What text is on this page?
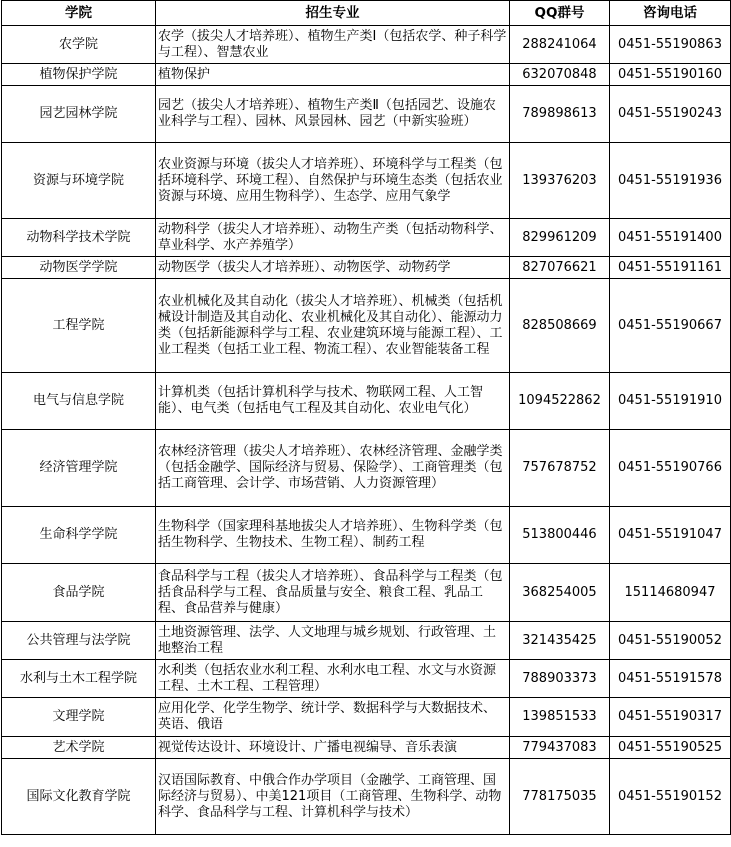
学院	招生专业	QQ群号	咨询电话
农学院	农学（拔尖人才培养班）、植物生产类Ⅰ（包括农学、种子科学与工程）、智慧农业	288241064	0451-55190863
植物保护学院	植物保护	632070848	0451-55190160
园艺园林学院	园艺（拔尖人才培养班）、植物生产类Ⅱ（包括园艺、设施农业科学与工程）、园林、风景园林、园艺（中新实验班）	789898613	0451-55190243
资源与环境学院	农业资源与环境（拔尖人才培养班）、环境科学与工程类（包括环境科学、环境工程）、自然保护与环境生态类（包括农业资源与环境、应用生物科学）、生态学、应用气象学	139376203	0451-55191936
动物科学技术学院	动物科学（拔尖人才培养班）、动物生产类（包括动物科学、草业科学、水产养殖学）	829961209	0451-55191400
动物医学学院	动物医学（拔尖人才培养班）、动物医学、动物药学	827076621	0451-55191161
工程学院	农业机械化及其自动化（拔尖人才培养班）、机械类（包括机械设计制造及其自动化、农业机械化及其自动化）、能源动力类（包括新能源科学与工程、农业建筑环境与能源工程）、工业工程类（包括工业工程、物流工程）、农业智能装备工程	828508669	0451-55190667
电气与信息学院	计算机类（包括计算机科学与技术、物联网工程、人工智能）、电气类（包括电气工程及其自动化、农业电气化）	1094522862	0451-55191910
经济管理学院	农林经济管理（拔尖人才培养班）、农林经济管理、金融学类（包括金融学、国际经济与贸易、保险学）、工商管理类（包括工商管理、会计学、市场营销、人力资源管理）	757678752	0451-55190766
生命科学学院	生物科学（国家理科基地拔尖人才培养班）、生物科学类（包括生物科学、生物技术、生物工程）、制药工程	513800446	0451-55191047
食品学院	食品科学与工程（拔尖人才培养班）、食品科学与工程类（包括食品科学与工程、食品质量与安全、粮食工程、乳品工程、食品营养与健康）	368254005	15114680947
公共管理与法学院	土地资源管理、法学、人文地理与城乡规划、行政管理、土地整治工程	321435425	0451-55190052
水利与土木工程学院	水利类（包括农业水利工程、水利水电工程、水文与水资源工程、土木工程、工程管理）	788903373	0451-55191578
文理学院	应用化学、化学生物学、统计学、数据科学与大数据技术、英语、俄语	139851533	0451-55190317
艺术学院	视觉传达设计、环境设计、广播电视编导、音乐表演	779437083	0451-55190525
国际文化教育学院	汉语国际教育、中俄合作办学项目（金融学、工商管理、国际经济与贸易）、中美121项目（工商管理、生物科学、动物科学、食品科学与工程、计算机科学与技术）	778175035	0451-55190152
